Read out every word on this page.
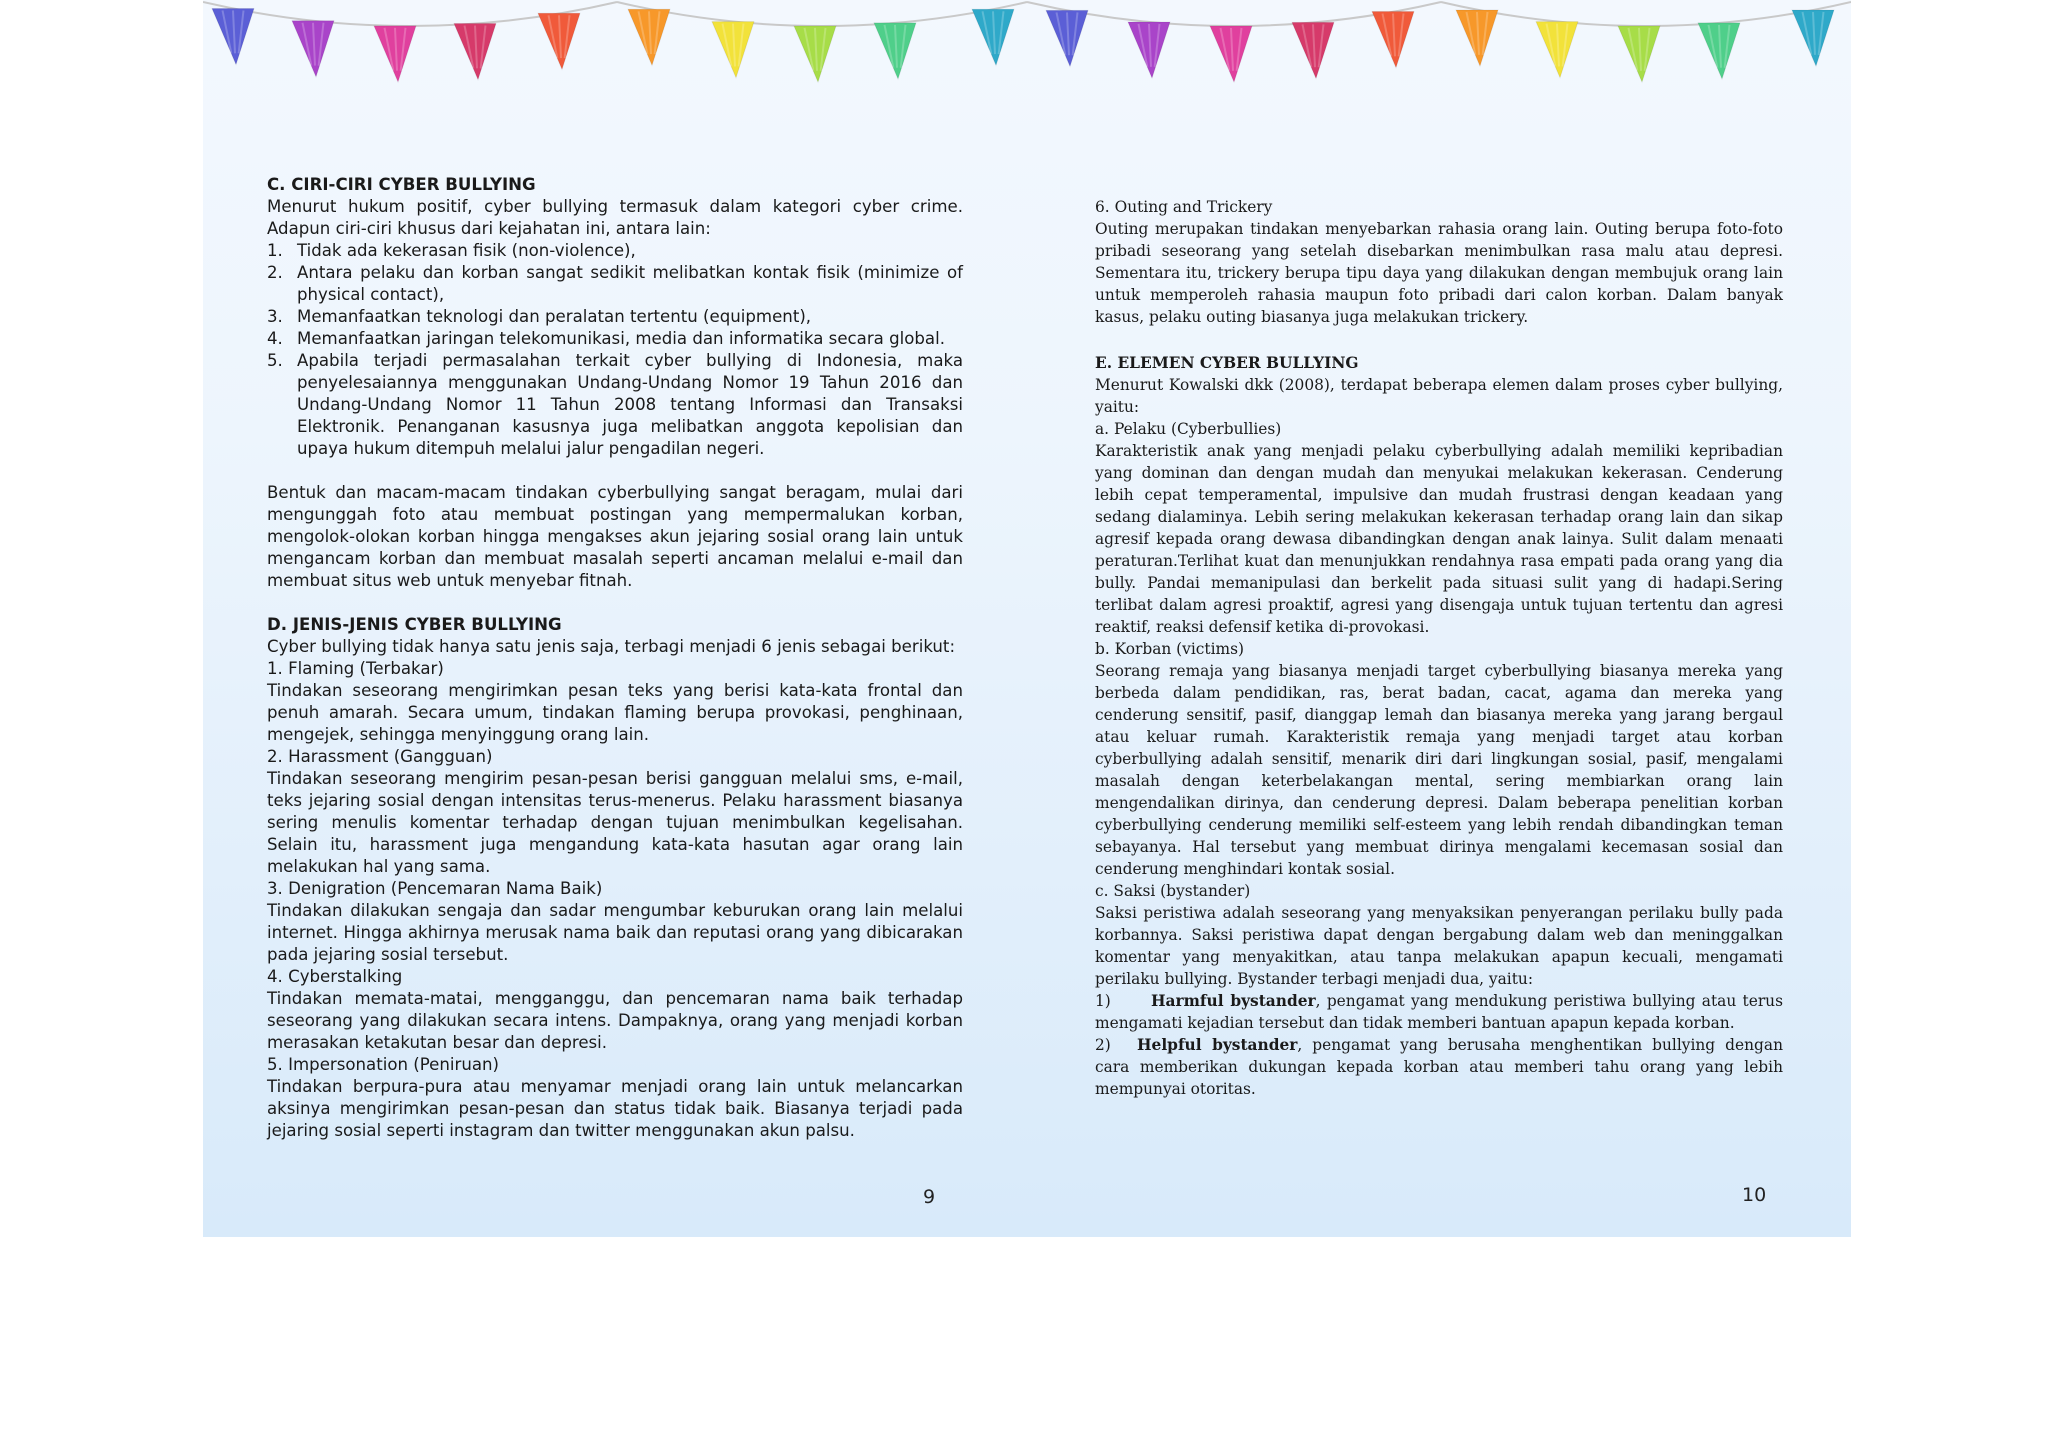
C. CIRI-CIRI CYBER BULLYING

Menurut hukum positif, cyber bullying termasuk dalam kategori cyber crime. Adapun ciri-ciri khusus dari kejahatan ini, antara lain:

1. Tidak ada kekerasan fisik (non-violence),
2. Antara pelaku dan korban sangat sedikit melibatkan kontak fisik (minimize of physical contact),
3. Memanfaatkan teknologi dan peralatan tertentu (equipment),
4. Memanfaatkan jaringan telekomunikasi, media dan informatika secara global.
5. Apabila terjadi permasalahan terkait cyber bullying di Indonesia, maka penyelesaiannya menggunakan Undang-Undang Nomor 19 Tahun 2016 dan Undang-Undang Nomor 11 Tahun 2008 tentang Informasi dan Transaksi Elektronik. Penanganan kasusnya juga melibatkan anggota kepolisian dan upaya hukum ditempuh melalui jalur pengadilan negeri.

Bentuk dan macam-macam tindakan cyberbullying sangat beragam, mulai dari mengunggah foto atau membuat postingan yang mempermalukan korban, mengolok-olokan korban hingga mengakses akun jejaring sosial orang lain untuk mengancam korban dan membuat masalah seperti ancaman melalui e-mail dan membuat situs web untuk menyebar fitnah.

D. JENIS-JENIS CYBER BULLYING

Cyber bullying tidak hanya satu jenis saja, terbagi menjadi 6 jenis sebagai berikut:

1. Flaming (Terbakar)

Tindakan seseorang mengirimkan pesan teks yang berisi kata-kata frontal dan penuh amarah. Secara umum, tindakan flaming berupa provokasi, penghinaan, mengejek, sehingga menyinggung orang lain.

2. Harassment (Gangguan)

Tindakan seseorang mengirim pesan-pesan berisi gangguan melalui sms, e-mail, teks jejaring sosial dengan intensitas terus-menerus. Pelaku harassment biasanya sering menulis komentar terhadap dengan tujuan menimbulkan kegelisahan. Selain itu, harassment juga mengandung kata-kata hasutan agar orang lain melakukan hal yang sama.

3. Denigration (Pencemaran Nama Baik)

Tindakan dilakukan sengaja dan sadar mengumbar keburukan orang lain melalui internet. Hingga akhirnya merusak nama baik dan reputasi orang yang dibicarakan pada jejaring sosial tersebut.

4. Cyberstalking

Tindakan memata-matai, mengganggu, dan pencemaran nama baik terhadap seseorang yang dilakukan secara intens. Dampaknya, orang yang menjadi korban merasakan ketakutan besar dan depresi.

5. Impersonation (Peniruan)

Tindakan berpura-pura atau menyamar menjadi orang lain untuk melancarkan aksinya mengirimkan pesan-pesan dan status tidak baik. Biasanya terjadi pada jejaring sosial seperti instagram dan twitter menggunakan akun palsu.

6. Outing and Trickery

Outing merupakan tindakan menyebarkan rahasia orang lain. Outing berupa foto-foto pribadi seseorang yang setelah disebarkan menimbulkan rasa malu atau depresi. Sementara itu, trickery berupa tipu daya yang dilakukan dengan membujuk orang lain untuk memperoleh rahasia maupun foto pribadi dari calon korban. Dalam banyak kasus, pelaku outing biasanya juga melakukan trickery.

E. ELEMEN CYBER BULLYING

Menurut Kowalski dkk (2008), terdapat beberapa elemen dalam proses cyber bullying, yaitu:

a. Pelaku (Cyberbullies)

Karakteristik anak yang menjadi pelaku cyberbullying adalah memiliki kepribadian yang dominan dan dengan mudah dan menyukai melakukan kekerasan. Cenderung lebih cepat temperamental, impulsive dan mudah frustrasi dengan keadaan yang sedang dialaminya. Lebih sering melakukan kekerasan terhadap orang lain dan sikap agresif kepada orang dewasa dibandingkan dengan anak lainya. Sulit dalam menaati peraturan.Terlihat kuat dan menunjukkan rendahnya rasa empati pada orang yang dia bully. Pandai memanipulasi dan berkelit pada situasi sulit yang di hadapi.Sering terlibat dalam agresi proaktif, agresi yang disengaja untuk tujuan tertentu dan agresi reaktif, reaksi defensif ketika di-provokasi.

b. Korban (victims)

Seorang remaja yang biasanya menjadi target cyberbullying biasanya mereka yang berbeda dalam pendidikan, ras, berat badan, cacat, agama dan mereka yang cenderung sensitif, pasif, dianggap lemah dan biasanya mereka yang jarang bergaul atau keluar rumah. Karakteristik remaja yang menjadi target atau korban cyberbullying adalah sensitif, menarik diri dari lingkungan sosial, pasif, mengalami masalah dengan keterbelakangan mental, sering membiarkan orang lain mengendalikan dirinya, dan cenderung depresi. Dalam beberapa penelitian korban cyberbullying cenderung memiliki self-esteem yang lebih rendah dibandingkan teman sebayanya. Hal tersebut yang membuat dirinya mengalami kecemasan sosial dan cenderung menghindari kontak sosial.

c. Saksi (bystander)

Saksi peristiwa adalah seseorang yang menyaksikan penyerangan perilaku bully pada korbannya. Saksi peristiwa dapat dengan bergabung dalam web dan meninggalkan komentar yang menyakitkan, atau tanpa melakukan apapun kecuali, mengamati perilaku bullying. Bystander terbagi menjadi dua, yaitu:

1)	Harmful bystander, pengamat yang mendukung peristiwa bullying atau terus mengamati kejadian tersebut dan tidak memberi bantuan apapun kepada korban.

2) Helpful bystander, pengamat yang berusaha menghentikan bullying dengan cara memberikan dukungan kepada korban atau memberi tahu orang yang lebih mempunyai otoritas.

9	10
